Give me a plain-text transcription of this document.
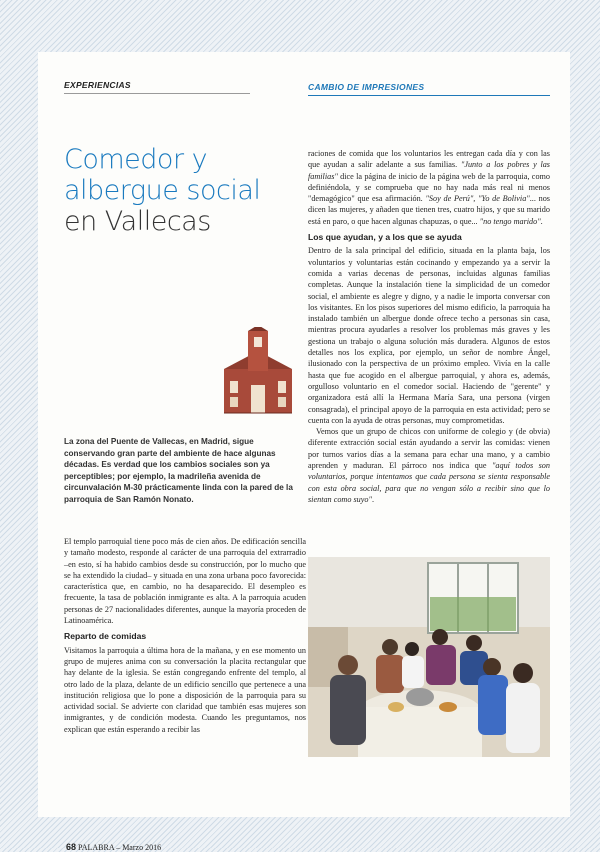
EXPERIENCIAS	CAMBIO DE IMPRESIONES
Comedor y
albergue social
en Vallecas

La zona del Puente de Vallecas, en Madrid, sigue conservando gran parte del ambiente de hace algunas décadas. Es verdad que los cambios sociales son ya perceptibles; por ejemplo, la madrileña avenida de circunvalación M-30 prácticamente linda con la pared de la parroquia de San Ramón Nonato.

El templo parroquial tiene poco más de cien años. De edificación sencilla y tamaño modesto, responde al carácter de una parroquia del extrarradio –en esto, sí ha habido cambios desde su construcción, por lo mucho que se ha extendido la ciudad– y situada en una zona urbana poco favorecida: característica que, en cambio, no ha desaparecido. El desempleo es frecuente, la tasa de población inmigrante es alta. A la parroquia acuden personas de 27 nacionalidades diferentes, aunque la mayoría proceden de Latinoamérica.

Reparto de comidas

Visitamos la parroquia a última hora de la mañana, y en ese momento un grupo de mujeres anima con su conversación la placita rectangular que hay delante de la iglesia. Se están congregando enfrente del templo, al otro lado de la plaza, delante de un edificio sencillo que pertenece a una institución religiosa que lo pone a disposición de la parroquia para su actividad social. Se advierte con claridad que también esas mujeres son inmigrantes, y de condición modesta. Cuando les preguntamos, nos explican que están esperando a recibir las

raciones de comida que los voluntarios les entregan cada día y con las que ayudan a salir adelante a sus familias. "Junto a los pobres y las familias" dice la página de inicio de la página web de la parroquia, como definiéndola, y se comprueba que no hay nada más real ni menos "demagógico" que esa afirmación. "Soy de Perú", "Yo de Bolivia"... nos dicen las mujeres, y añaden que tienen tres, cuatro hijos, y que su marido está en paro, o que hacen algunas chapuzas, o que... "no tengo marido".

Los que ayudan, y a los que se ayuda

Dentro de la sala principal del edificio, situada en la planta baja, los voluntarios y voluntarias están cocinando y empezando ya a servir la comida a varias decenas de personas, incluidas algunas familias completas. Aunque la instalación tiene la simplicidad de un comedor social, el ambiente es alegre y digno, y a nadie le importa conversar con los visitantes. En los pisos superiores del mismo edificio, la parroquia ha instalado también un albergue donde ofrece techo a personas sin casa, mientras procura ayudarles a resolver los problemas más graves y les gestiona un trabajo o alguna solución más duradera. Algunos de estos detalles nos los explica, por ejemplo, un señor de nombre Ángel, ilusionado con la perspectiva de un próximo empleo. Vivía en la calle hasta que fue acogido en el albergue parroquial, y ahora es, además, orgulloso voluntario en el comedor social. Haciendo de "gerente" y organizadora está allí la Hermana María Sara, una persona (virgen consagrada), el principal apoyo de la parroquia en esta actividad; pero se cuenta con la ayuda de otras personas, muy comprometidas.

Vemos que un grupo de chicos con uniforme de colegio y (de obvia) diferente extracción social están ayudando a servir las comidas: vienen por turnos varios días a la semana para echar una mano, y a cambio aprenden y maduran. El párroco nos indica que "aquí todos son voluntarios, porque intentamos que cada persona se sienta responsable con esta obra social, para que no vengan sólo a recibir sino que lo sientan como suyo".

68 PALABRA – Marzo 2016
